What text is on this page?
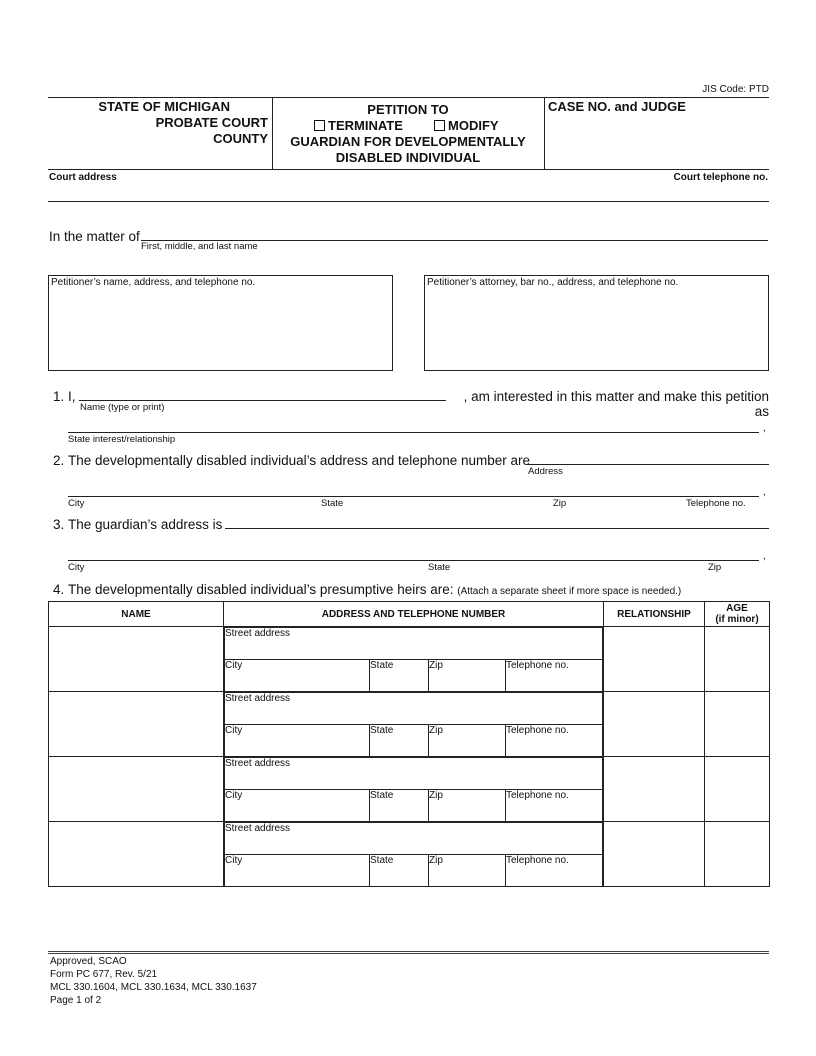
JIS Code: PTD
STATE OF MICHIGAN
PROBATE COURT
COUNTY
PETITION TO
TERMINATE	MODIFY
GUARDIAN FOR DEVELOPMENTALLY
DISABLED INDIVIDUAL
CASE NO. and JUDGE
Court address	Court telephone no.
In the matter of
First, middle, and last name
Petitioner’s name, address, and telephone no.	Petitioner’s attorney, bar no., address, and telephone no.
1. I,
Name (type or print)
, am interested in this matter and make this petition as
,
State interest/relationship
2. The developmentally disabled individual’s address and telephone number are
Address
,
City	State	Zip	Telephone no.
3. The guardian’s address is
,
City	State	Zip
4. The developmentally disabled individual’s presumptive heirs are: (Attach a separate sheet if more space is needed.)
NAME	ADDRESS AND TELEPHONE NUMBER	RELATIONSHIP	AGE
(if minor)

Street address
City	State	Zip	Telephone no.

Street address
City	State	Zip	Telephone no.

Street address
City	State	Zip	Telephone no.

Street address
City	State	Zip	Telephone no.

Approved, SCAO
Form PC 677, Rev. 5/21
MCL 330.1604, MCL 330.1634, MCL 330.1637
Page 1 of 2
